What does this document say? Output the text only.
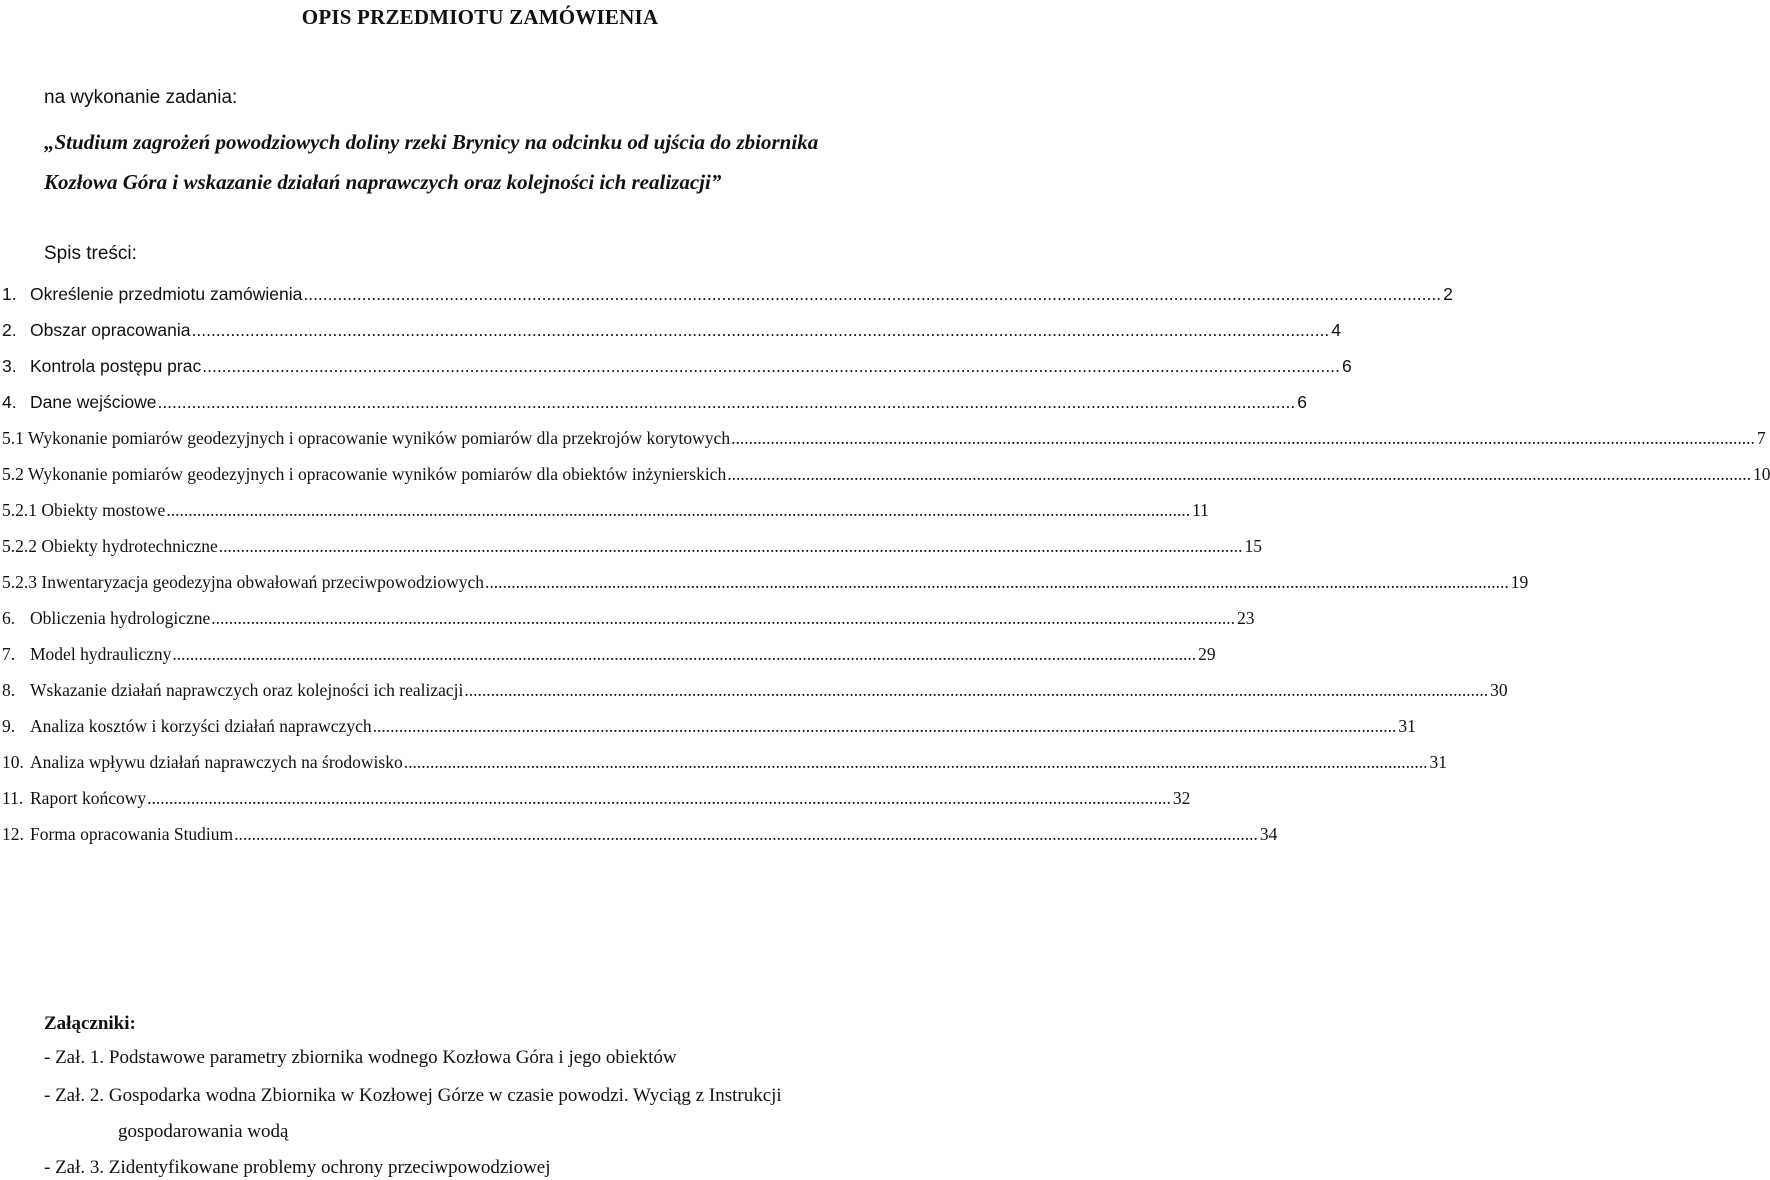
OPIS PRZEDMIOTU ZAMÓWIENIA
na wykonanie zadania:
„Studium zagrożeń powodziowych doliny rzeki Brynicy na odcinku od ujścia do zbiornika
Kozłowa Góra i wskazanie działań naprawczych oraz kolejności ich realizacji”
Spis treści:
1. Określenie przedmiotu zamówienia .....	2
2. Obszar opracowania .....	4
3. Kontrola postępu prac .....	6
4. Dane wejściowe .....	6
5.1 Wykonanie pomiarów geodezyjnych i opracowanie wyników pomiarów dla przekrojów korytowych .....	7
5.2 Wykonanie pomiarów geodezyjnych i opracowanie wyników pomiarów dla obiektów inżynierskich .....	10
5.2.1 Obiekty mostowe .....	11
5.2.2 Obiekty hydrotechniczne .....	15
5.2.3 Inwentaryzacja geodezyjna obwałowań przeciwpowodziowych .....	19
6. Obliczenia hydrologiczne .....	23
7. Model hydrauliczny .....	29
8. Wskazanie działań naprawczych oraz kolejności ich realizacji .....	30
9. Analiza kosztów i korzyści działań naprawczych .....	31
10. Analiza wpływu działań naprawczych na środowisko .....	31
11. Raport końcowy .....	32
12. Forma opracowania Studium .....	34
Załączniki:
- Zał. 1. Podstawowe parametry zbiornika wodnego Kozłowa Góra i jego obiektów
- Zał. 2. Gospodarka wodna Zbiornika w Kozłowej Górze w czasie powodzi. Wyciąg z Instrukcji
gospodarowania wodą
- Zał. 3. Zidentyfikowane problemy ochrony przeciwpowodziowej
